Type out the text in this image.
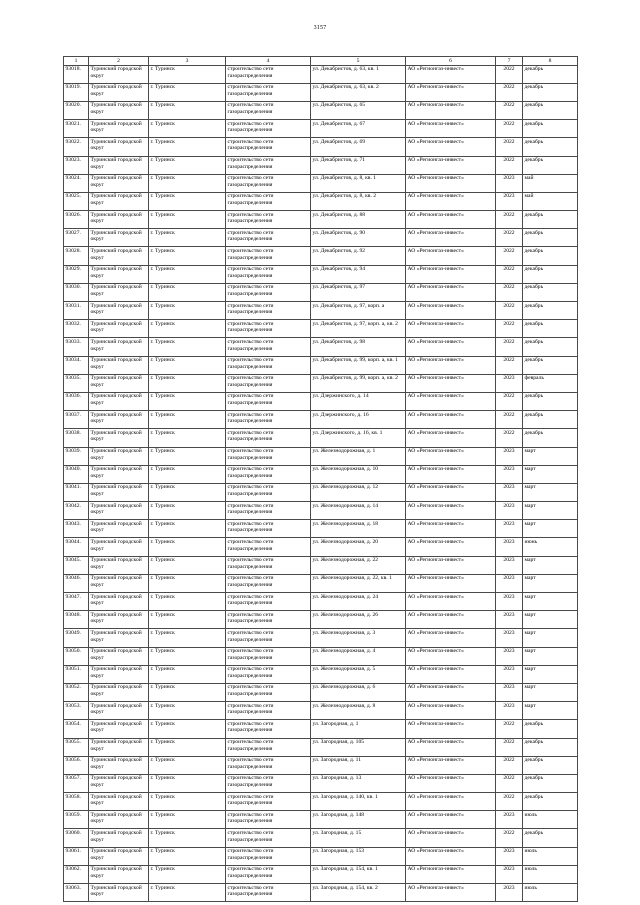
3157
1	2	3	4	5	6	7	8
93018.	Туринский городской округ	г. Туринск	строительство сети газораспределения	ул. Декабристов, д. 63, кв. 1	АО «Регионгаз-инвест»	2022	декабрь
93019.	Туринский городской округ	г. Туринск	строительство сети газораспределения	ул. Декабристов, д. 63, кв. 2	АО «Регионгаз-инвест»	2022	декабрь
93020.	Туринский городской округ	г. Туринск	строительство сети газораспределения	ул. Декабристов, д. 65	АО «Регионгаз-инвест»	2022	декабрь
93021.	Туринский городской округ	г. Туринск	строительство сети газораспределения	ул. Декабристов, д. 67	АО «Регионгаз-инвест»	2022	декабрь
93022.	Туринский городской округ	г. Туринск	строительство сети газораспределения	ул. Декабристов, д. 69	АО «Регионгаз-инвест»	2022	декабрь
93023.	Туринский городской округ	г. Туринск	строительство сети газораспределения	ул. Декабристов, д. 71	АО «Регионгаз-инвест»	2022	декабрь
93024.	Туринский городской округ	г. Туринск	строительство сети газораспределения	ул. Декабристов, д. 8, кв. 1	АО «Регионгаз-инвест»	2023	май
93025.	Туринский городской округ	г. Туринск	строительство сети газораспределения	ул. Декабристов, д. 8, кв. 2	АО «Регионгаз-инвест»	2023	май
93026.	Туринский городской округ	г. Туринск	строительство сети газораспределения	ул. Декабристов, д. 88	АО «Регионгаз-инвест»	2022	декабрь
93027.	Туринский городской округ	г. Туринск	строительство сети газораспределения	ул. Декабристов, д. 90	АО «Регионгаз-инвест»	2022	декабрь
93028.	Туринский городской округ	г. Туринск	строительство сети газораспределения	ул. Декабристов, д. 92	АО «Регионгаз-инвест»	2022	декабрь
93029.	Туринский городской округ	г. Туринск	строительство сети газораспределения	ул. Декабристов, д. 94	АО «Регионгаз-инвест»	2022	декабрь
93030.	Туринский городской округ	г. Туринск	строительство сети газораспределения	ул. Декабристов, д. 97	АО «Регионгаз-инвест»	2022	декабрь
93031.	Туринский городской округ	г. Туринск	строительство сети газораспределения	ул. Декабристов, д. 97, корп. а	АО «Регионгаз-инвест»	2022	декабрь
93032.	Туринский городской округ	г. Туринск	строительство сети газораспределения	ул. Декабристов, д. 97, корп. а, кв. 2	АО «Регионгаз-инвест»	2022	декабрь
93033.	Туринский городской округ	г. Туринск	строительство сети газораспределения	ул. Декабристов, д. 98	АО «Регионгаз-инвест»	2022	декабрь
93034.	Туринский городской округ	г. Туринск	строительство сети газораспределения	ул. Декабристов, д. 99, корп. а, кв. 1	АО «Регионгаз-инвест»	2022	декабрь
93035.	Туринский городской округ	г. Туринск	строительство сети газораспределения	ул. Декабристов, д. 99, корп. а, кв. 2	АО «Регионгаз-инвест»	2023	февраль
93036.	Туринский городской округ	г. Туринск	строительство сети газораспределения	ул. Дзержинского, д. 14	АО «Регионгаз-инвест»	2022	декабрь
93037.	Туринский городской округ	г. Туринск	строительство сети газораспределения	ул. Дзержинского, д. 16	АО «Регионгаз-инвест»	2022	декабрь
93038.	Туринский городской округ	г. Туринск	строительство сети газораспределения	ул. Дзержинского, д. 16, кв. 1	АО «Регионгаз-инвест»	2022	декабрь
93039.	Туринский городской округ	г. Туринск	строительство сети газораспределения	ул. Железнодорожная, д. 1	АО «Регионгаз-инвест»	2023	март
93040.	Туринский городской округ	г. Туринск	строительство сети газораспределения	ул. Железнодорожная, д. 10	АО «Регионгаз-инвест»	2023	март
93041.	Туринский городской округ	г. Туринск	строительство сети газораспределения	ул. Железнодорожная, д. 12	АО «Регионгаз-инвест»	2023	март
93042.	Туринский городской округ	г. Туринск	строительство сети газораспределения	ул. Железнодорожная, д. 14	АО «Регионгаз-инвест»	2023	март
93043.	Туринский городской округ	г. Туринск	строительство сети газораспределения	ул. Железнодорожная, д. 18	АО «Регионгаз-инвест»	2023	март
93044.	Туринский городской округ	г. Туринск	строительство сети газораспределения	ул. Железнодорожная, д. 20	АО «Регионгаз-инвест»	2023	июнь
93045.	Туринский городской округ	г. Туринск	строительство сети газораспределения	ул. Железнодорожная, д. 22	АО «Регионгаз-инвест»	2023	март
93046.	Туринский городской округ	г. Туринск	строительство сети газораспределения	ул. Железнодорожная, д. 22, кв. 1	АО «Регионгаз-инвест»	2023	март
93047.	Туринский городской округ	г. Туринск	строительство сети газораспределения	ул. Железнодорожная, д. 24	АО «Регионгаз-инвест»	2023	март
93048.	Туринский городской округ	г. Туринск	строительство сети газораспределения	ул. Железнодорожная, д. 26	АО «Регионгаз-инвест»	2023	март
93049.	Туринский городской округ	г. Туринск	строительство сети газораспределения	ул. Железнодорожная, д. 3	АО «Регионгаз-инвест»	2023	март
93050.	Туринский городской округ	г. Туринск	строительство сети газораспределения	ул. Железнодорожная, д. 4	АО «Регионгаз-инвест»	2023	март
93051.	Туринский городской округ	г. Туринск	строительство сети газораспределения	ул. Железнодорожная, д. 5	АО «Регионгаз-инвест»	2023	март
93052.	Туринский городской округ	г. Туринск	строительство сети газораспределения	ул. Железнодорожная, д. 6	АО «Регионгаз-инвест»	2023	март
93053.	Туринский городской округ	г. Туринск	строительство сети газораспределения	ул. Железнодорожная, д. 8	АО «Регионгаз-инвест»	2023	март
93054.	Туринский городской округ	г. Туринск	строительство сети газораспределения	ул. Загородная, д. 1	АО «Регионгаз-инвест»	2022	декабрь
93055.	Туринский городской округ	г. Туринск	строительство сети газораспределения	ул. Загородная, д. 105	АО «Регионгаз-инвест»	2022	декабрь
93056.	Туринский городской округ	г. Туринск	строительство сети газораспределения	ул. Загородная, д. 11	АО «Регионгаз-инвест»	2022	декабрь
93057.	Туринский городской округ	г. Туринск	строительство сети газораспределения	ул. Загородная, д. 13	АО «Регионгаз-инвест»	2022	декабрь
93058.	Туринский городской округ	г. Туринск	строительство сети газораспределения	ул. Загородная, д. 140, кв. 1	АО «Регионгаз-инвест»	2022	декабрь
93059.	Туринский городской округ	г. Туринск	строительство сети газораспределения	ул. Загородная, д. 148	АО «Регионгаз-инвест»	2023	июль
93060.	Туринский городской округ	г. Туринск	строительство сети газораспределения	ул. Загородная, д. 15	АО «Регионгаз-инвест»	2022	декабрь
93061.	Туринский городской округ	г. Туринск	строительство сети газораспределения	ул. Загородная, д. 153	АО «Регионгаз-инвест»	2023	июль
93062.	Туринский городской округ	г. Туринск	строительство сети газораспределения	ул. Загородная, д. 154, кв. 1	АО «Регионгаз-инвест»	2023	июль
93063.	Туринский городской округ	г. Туринск	строительство сети газораспределения	ул. Загородная, д. 154, кв. 2	АО «Регионгаз-инвест»	2023	июль
